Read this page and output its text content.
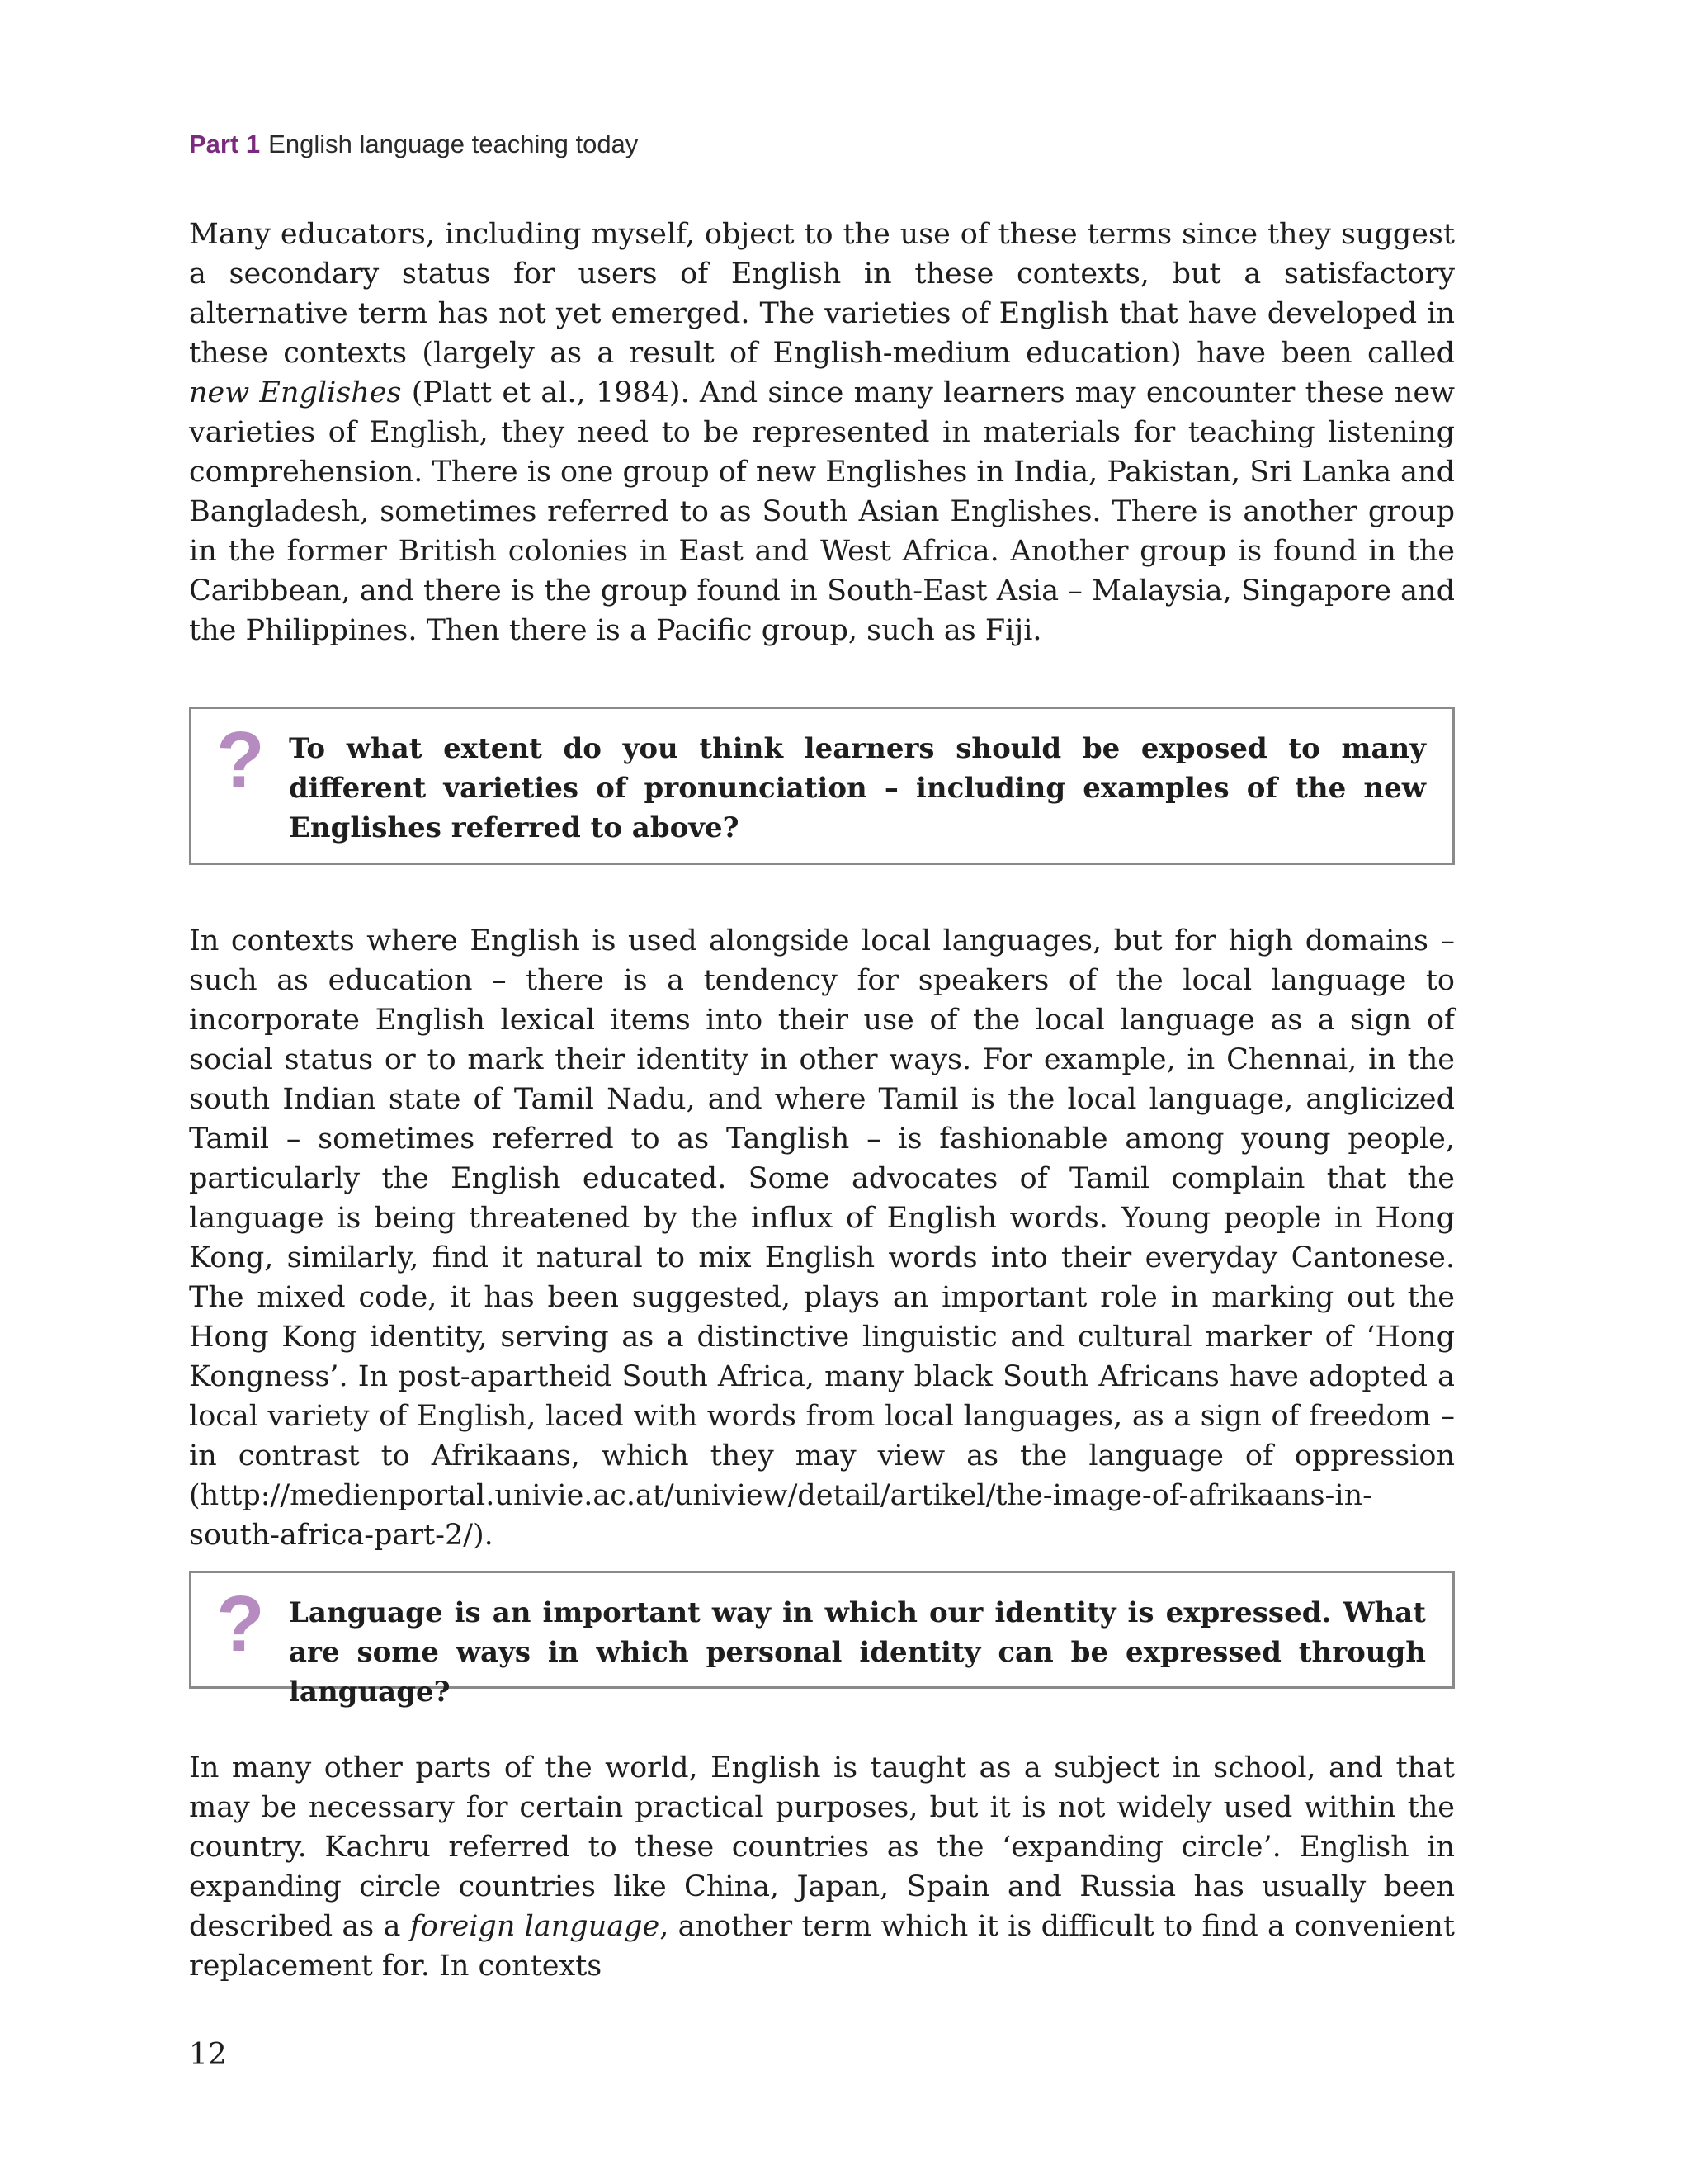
Part 1 English language teaching today

Many educators, including myself, object to the use of these terms since they suggest a secondary status for users of English in these contexts, but a satisfactory alternative term has not yet emerged. The varieties of English that have developed in these contexts (largely as a result of English-medium education) have been called new Englishes (Platt et al., 1984). And since many learners may encounter these new varieties of English, they need to be represented in materials for teaching listening comprehension. There is one group of new Englishes in India, Pakistan, Sri Lanka and Bangladesh, sometimes referred to as South Asian Englishes. There is another group in the former British colonies in East and West Africa. Another group is found in the Caribbean, and there is the group found in South-East Asia – Malaysia, Singapore and the Philippines. Then there is a Pacific group, such as Fiji.

? To what extent do you think learners should be exposed to many different varieties of pronunciation – including examples of the new Englishes referred to above?

In contexts where English is used alongside local languages, but for high domains – such as education – there is a tendency for speakers of the local language to incorporate English lexical items into their use of the local language as a sign of social status or to mark their identity in other ways. For example, in Chennai, in the south Indian state of Tamil Nadu, and where Tamil is the local language, anglicized Tamil – sometimes referred to as Tanglish – is fashionable among young people, particularly the English educated. Some advocates of Tamil complain that the language is being threatened by the influx of English words. Young people in Hong Kong, similarly, find it natural to mix English words into their everyday Cantonese. The mixed code, it has been suggested, plays an important role in marking out the Hong Kong identity, serving as a distinctive linguistic and cultural marker of ‘Hong Kongness’. In post-apartheid South Africa, many black South Africans have adopted a local variety of English, laced with words from local languages, as a sign of freedom – in contrast to Afrikaans, which they may view as the language of oppression (http://medienportal.univie.ac.at/uniview/detail/artikel/the-image-of-afrikaans-in-south-africa-part-2/).

? Language is an important way in which our identity is expressed. What are some ways in which personal identity can be expressed through language?

In many other parts of the world, English is taught as a subject in school, and that may be necessary for certain practical purposes, but it is not widely used within the country. Kachru referred to these countries as the ‘expanding circle’. English in expanding circle countries like China, Japan, Spain and Russia has usually been described as a foreign language, another term which it is difficult to find a convenient replacement for. In contexts

12
